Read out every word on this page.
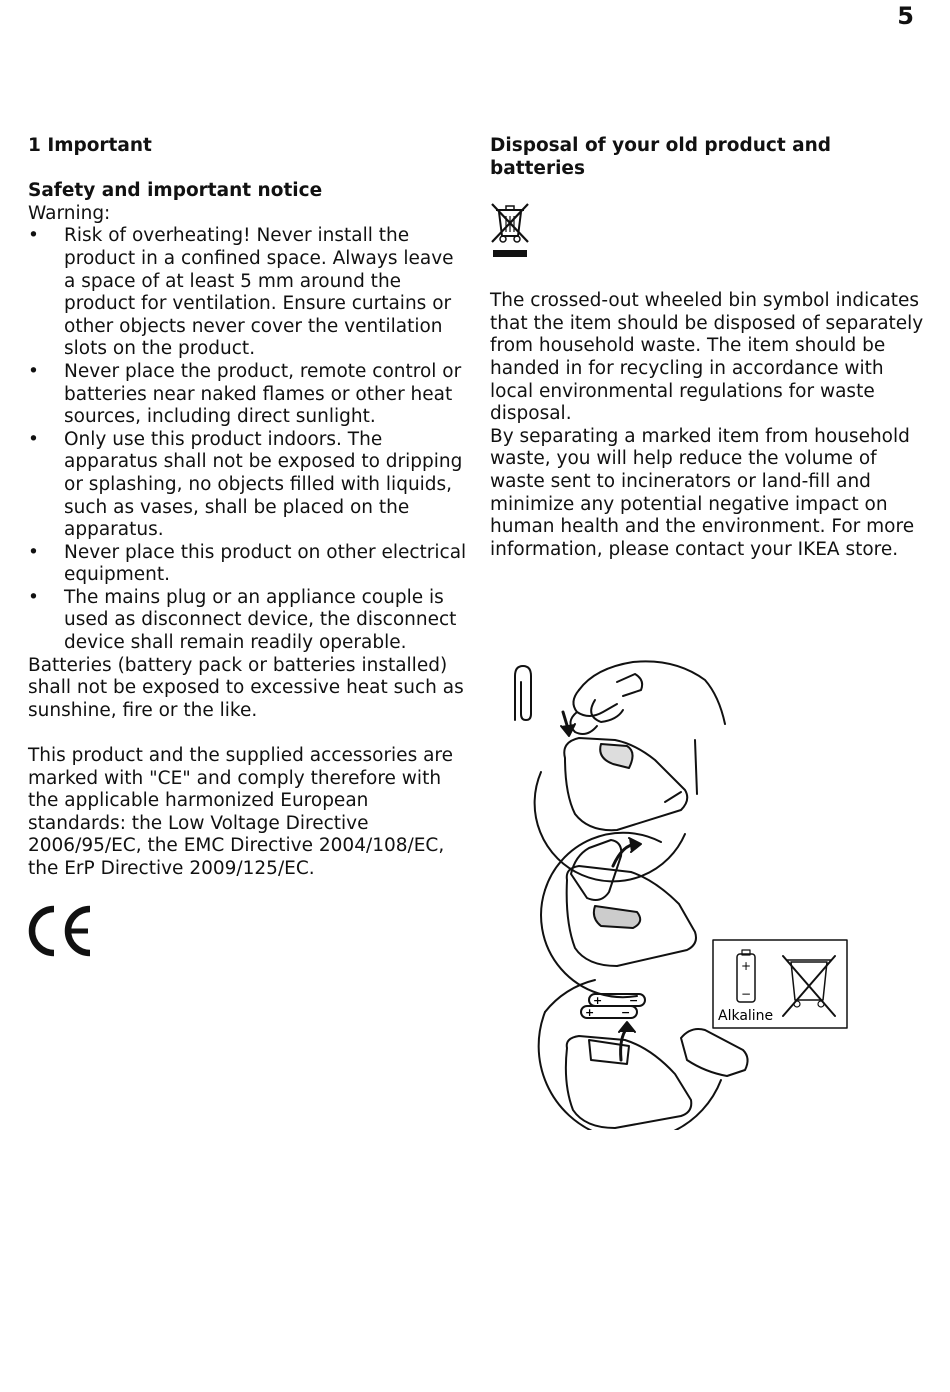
5
1 Important
Safety and important notice

Warning:

• Risk of overheating! Never install the product in a confined space. Always leave a space of at least 5 mm around the product for ventilation. Ensure curtains or other objects never cover the ventilation slots on the product.
• Never place the product, remote control or batteries near naked flames or other heat sources, including direct sunlight.
• Only use this product indoors. The apparatus shall not be exposed to dripping or splashing, no objects filled with liquids, such as vases, shall be placed on the apparatus.
• Never place this product on other electrical equipment.
• The mains plug or an appliance couple is used as disconnect device, the disconnect device shall remain readily operable.

Batteries (battery pack or batteries installed) shall not be exposed to excessive heat such as sunshine, fire or the like.

This product and the supplied accessories are marked with "CE" and comply therefore with the applicable harmonized European standards: the Low Voltage Directive 2006/95/EC, the EMC Directive 2004/108/EC, the ErP Directive 2009/125/EC.

Disposal of your old product and batteries

The crossed-out wheeled bin symbol indicates that the item should be disposed of separately from household waste. The item should be handed in for recycling in accordance with local environmental regulations for waste disposal.

By separating a marked item from household waste, you will help reduce the volume of waste sent to incinerators or land-fill and minimize any potential negative impact on human health and the environment. For more information, please contact your IKEA store.

+ −
+ −
+
−
Alkaline
